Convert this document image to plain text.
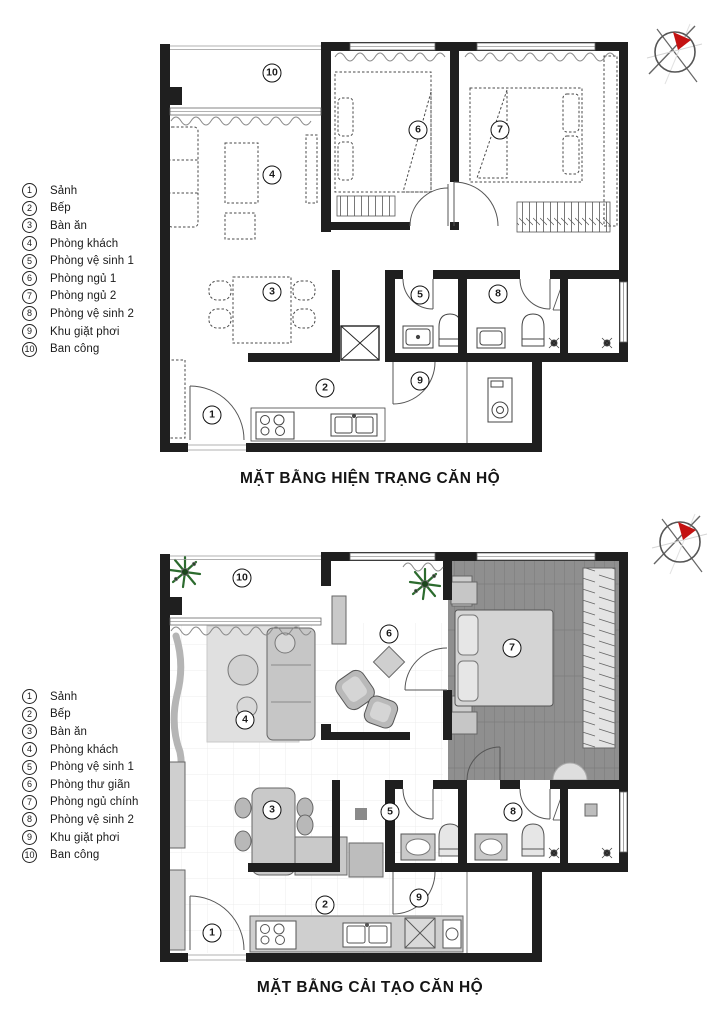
1	Sảnh
2	Bếp
3	Bàn ăn
4	Phòng khách
5	Phòng vệ sinh 1
6	Phòng ngủ 1
7	Phòng ngủ 2
8	Phòng vệ sinh 2
9	Khu giặt phơi
10 Ban công
1	Sảnh
2	Bếp
3	Bàn ăn
4	Phòng khách
5	Phòng vệ sinh 1
6	Phòng thư giãn
7	Phòng ngủ chính
8	Phòng vệ sinh 2
9	Khu giặt phơi
10 Ban công
1
2
3
4
5
6	7
8
9
10
MẶT BẰNG HIỆN TRẠNG CĂN HỘ
1
2
3
4
5
6
7
8
9
10
MẶT BẰNG CẢI TẠO CĂN HỘ
